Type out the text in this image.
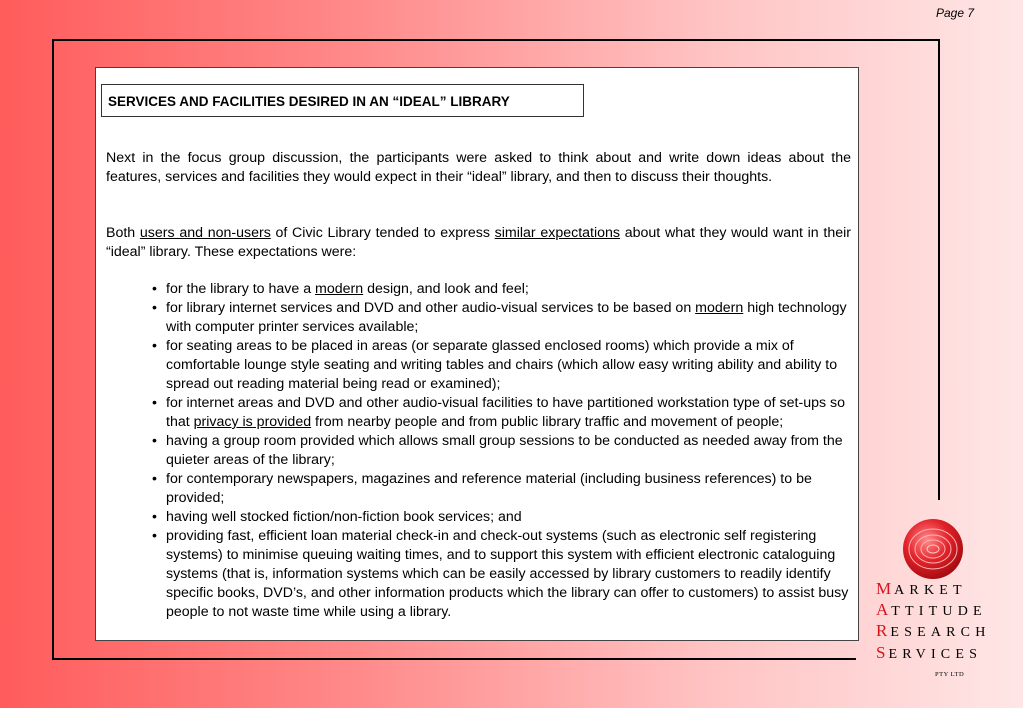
Page 7
SERVICES AND FACILITIES DESIRED IN AN “IDEAL” LIBRARY
Next in the focus group discussion, the participants were asked to think about and write down ideas about the features, services and facilities they would expect in their “ideal” library, and then to discuss their thoughts.
Both users and non-users of Civic Library tended to express similar expectations about what they would want in their “ideal” library. These expectations were:
• for the library to have a modern design, and look and feel;
• for library internet services and DVD and other audio-visual services to be based on modern high technology with computer printer services available;
• for seating areas to be placed in areas (or separate glassed enclosed rooms) which provide a mix of comfortable lounge style seating and writing tables and chairs (which allow easy writing ability and ability to spread out reading material being read or examined);
• for internet areas and DVD and other audio-visual facilities to have partitioned workstation type of set-ups so that privacy is provided from nearby people and from public library traffic and movement of people;
• having a group room provided which allows small group sessions to be conducted as needed away from the quieter areas of the library;
• for contemporary newspapers, magazines and reference material (including business references) to be provided;
• having well stocked fiction/non-fiction book services; and
• providing fast, efficient loan material check-in and check-out systems (such as electronic self registering systems) to minimise queuing waiting times, and to support this system with efficient electronic cataloguing systems (that is, information systems which can be easily accessed by library customers to readily identify specific books, DVD’s, and other information products which the library can offer to customers) to assist busy people to not waste time while using a library.
MARKET
ATTITUDE
RESEARCH
SERVICES
PTY LTD
